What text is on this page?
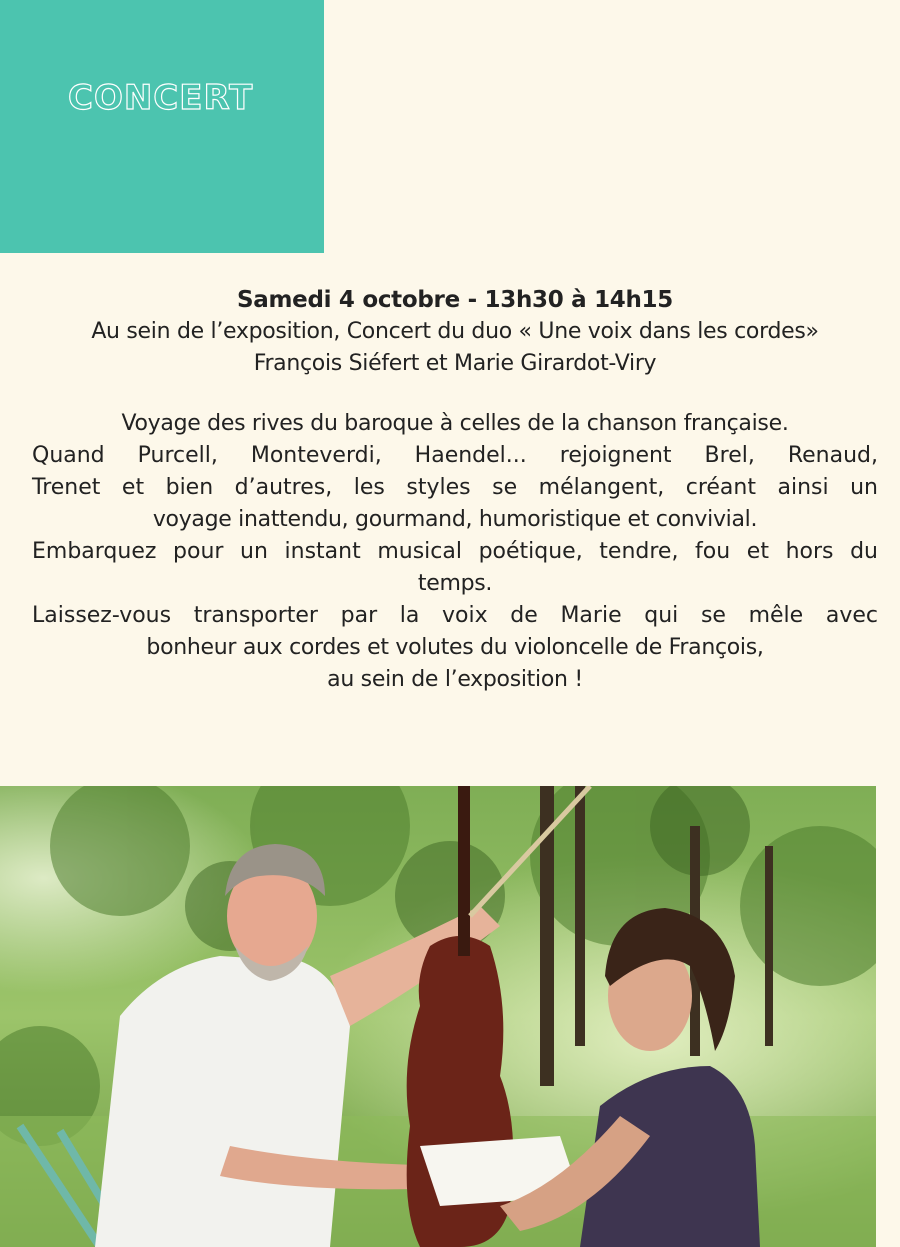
CONCERT
Samedi 4 octobre - 13h30 à 14h15
Au sein de l’exposition, Concert du duo « Une voix dans les cordes»
François Siéfert et Marie Girardot-Viry
Voyage des rives du baroque à celles de la chanson française.
Quand Purcell, Monteverdi, Haendel... rejoignent Brel, Renaud,
Trenet et bien d’autres, les styles se mélangent, créant ainsi un
voyage inattendu, gourmand, humoristique et convivial.
Embarquez pour un instant musical poétique, tendre, fou et hors du
temps.
Laissez-vous transporter par la voix de Marie qui se mêle avec
bonheur aux cordes et volutes du violoncelle de François,
au sein de l’exposition !
